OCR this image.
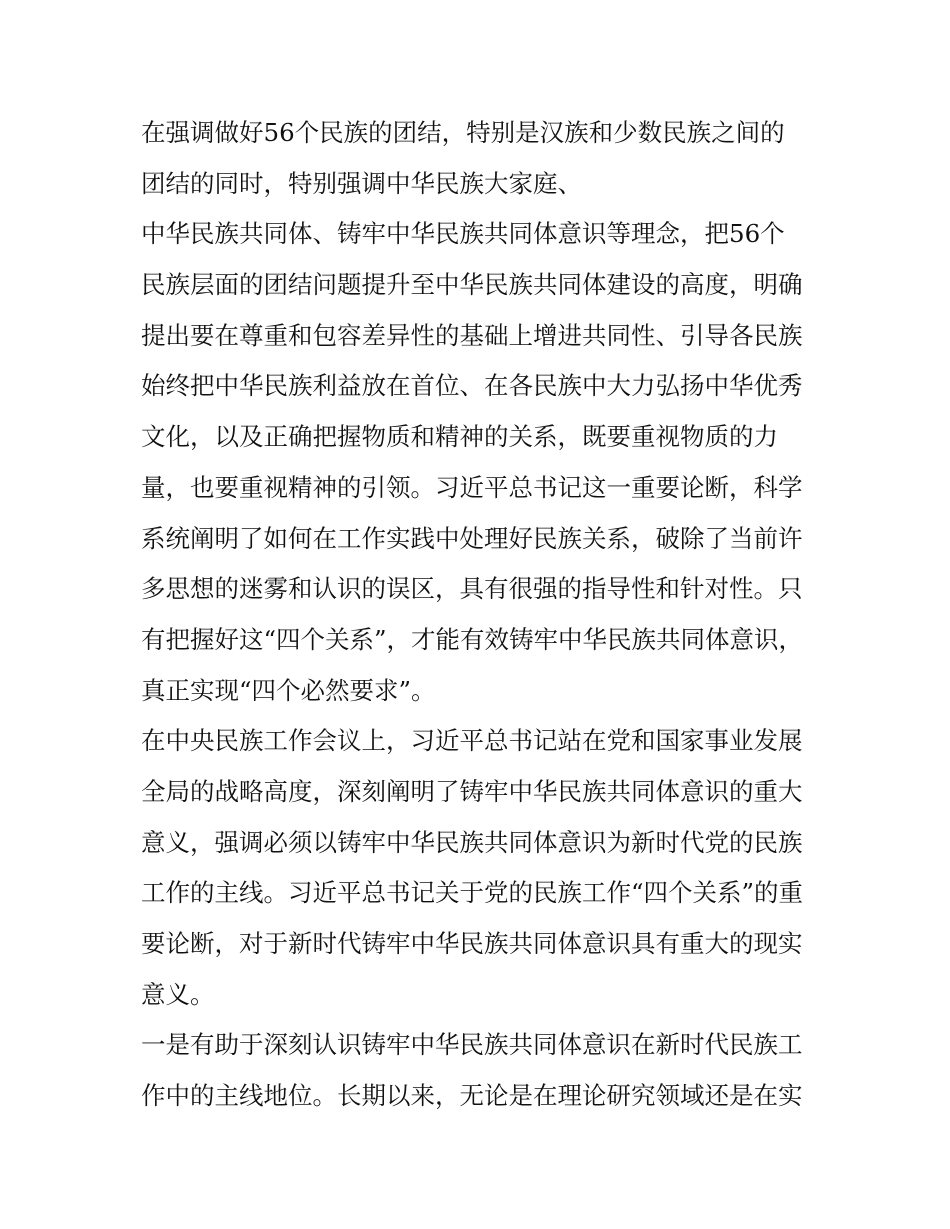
在强调做好56个民族的团结，特别是汉族和少数民族之间的
团结的同时，特别强调中华民族大家庭、
中华民族共同体、铸牢中华民族共同体意识等理念，把56个
民族层面的团结问题提升至中华民族共同体建设的高度，明确
提出要在尊重和包容差异性的基础上增进共同性、引导各民族
始终把中华民族利益放在首位、在各民族中大力弘扬中华优秀
文化，以及正确把握物质和精神的关系，既要重视物质的力
量，也要重视精神的引领。习近平总书记这一重要论断，科学
系统阐明了如何在工作实践中处理好民族关系，破除了当前许
多思想的迷雾和认识的误区，具有很强的指导性和针对性。只
有把握好这“四个关系”，才能有效铸牢中华民族共同体意识，
真正实现“四个必然要求”。
在中央民族工作会议上，习近平总书记站在党和国家事业发展
全局的战略高度，深刻阐明了铸牢中华民族共同体意识的重大
意义，强调必须以铸牢中华民族共同体意识为新时代党的民族
工作的主线。习近平总书记关于党的民族工作“四个关系”的重
要论断，对于新时代铸牢中华民族共同体意识具有重大的现实
意义。
一是有助于深刻认识铸牢中华民族共同体意识在新时代民族工
作中的主线地位。长期以来，无论是在理论研究领域还是在实
